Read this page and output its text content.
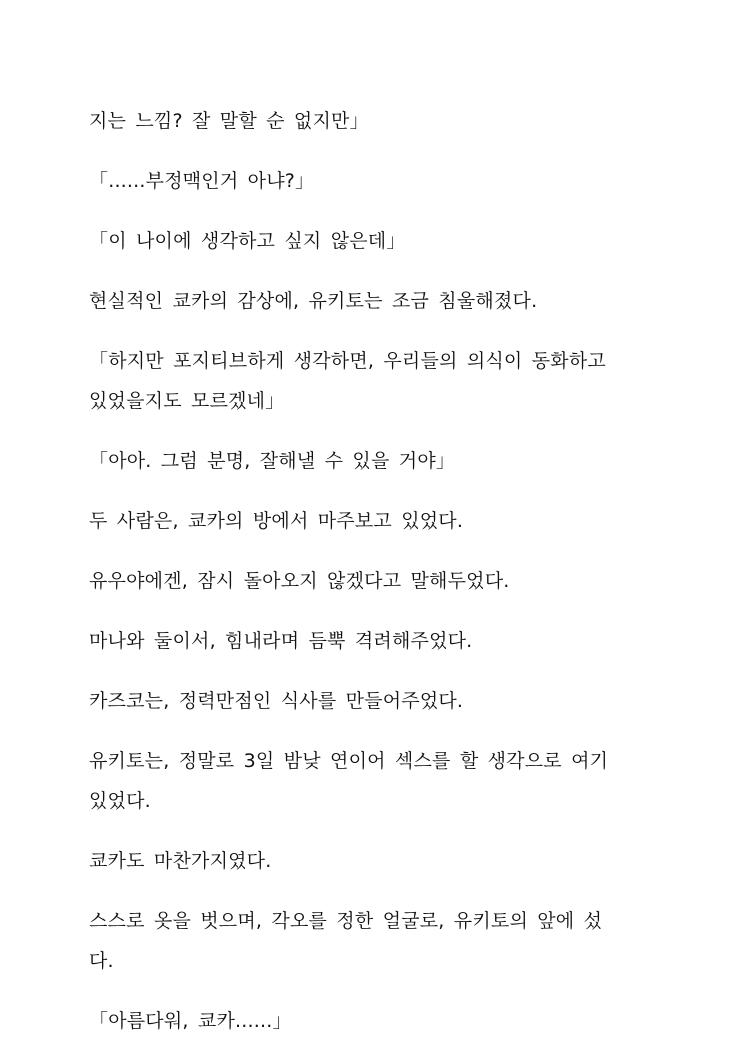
지는 느낌? 잘 말할 순 없지만」

「......부정맥인거 아냐?」

「이 나이에 생각하고 싶지 않은데」

현실적인 쿄카의 감상에, 유키토는 조금 침울해졌다.

「하지만 포지티브하게 생각하면, 우리들의 의식이 동화하고
있었을지도 모르겠네」

「아아. 그럼 분명, 잘해낼 수 있을 거야」

두 사람은, 쿄카의 방에서 마주보고 있었다.

유우야에겐, 잠시 돌아오지 않겠다고 말해두었다.

마나와 둘이서, 힘내라며 듬뿍 격려해주었다.

카즈코는, 정력만점인 식사를 만들어주었다.

유키토는, 정말로 3일 밤낮 연이어 섹스를 할 생각으로 여기
있었다.

쿄카도 마찬가지였다.

스스로 옷을 벗으며, 각오를 정한 얼굴로, 유키토의 앞에 섰
다.

「아름다워, 쿄카......」
